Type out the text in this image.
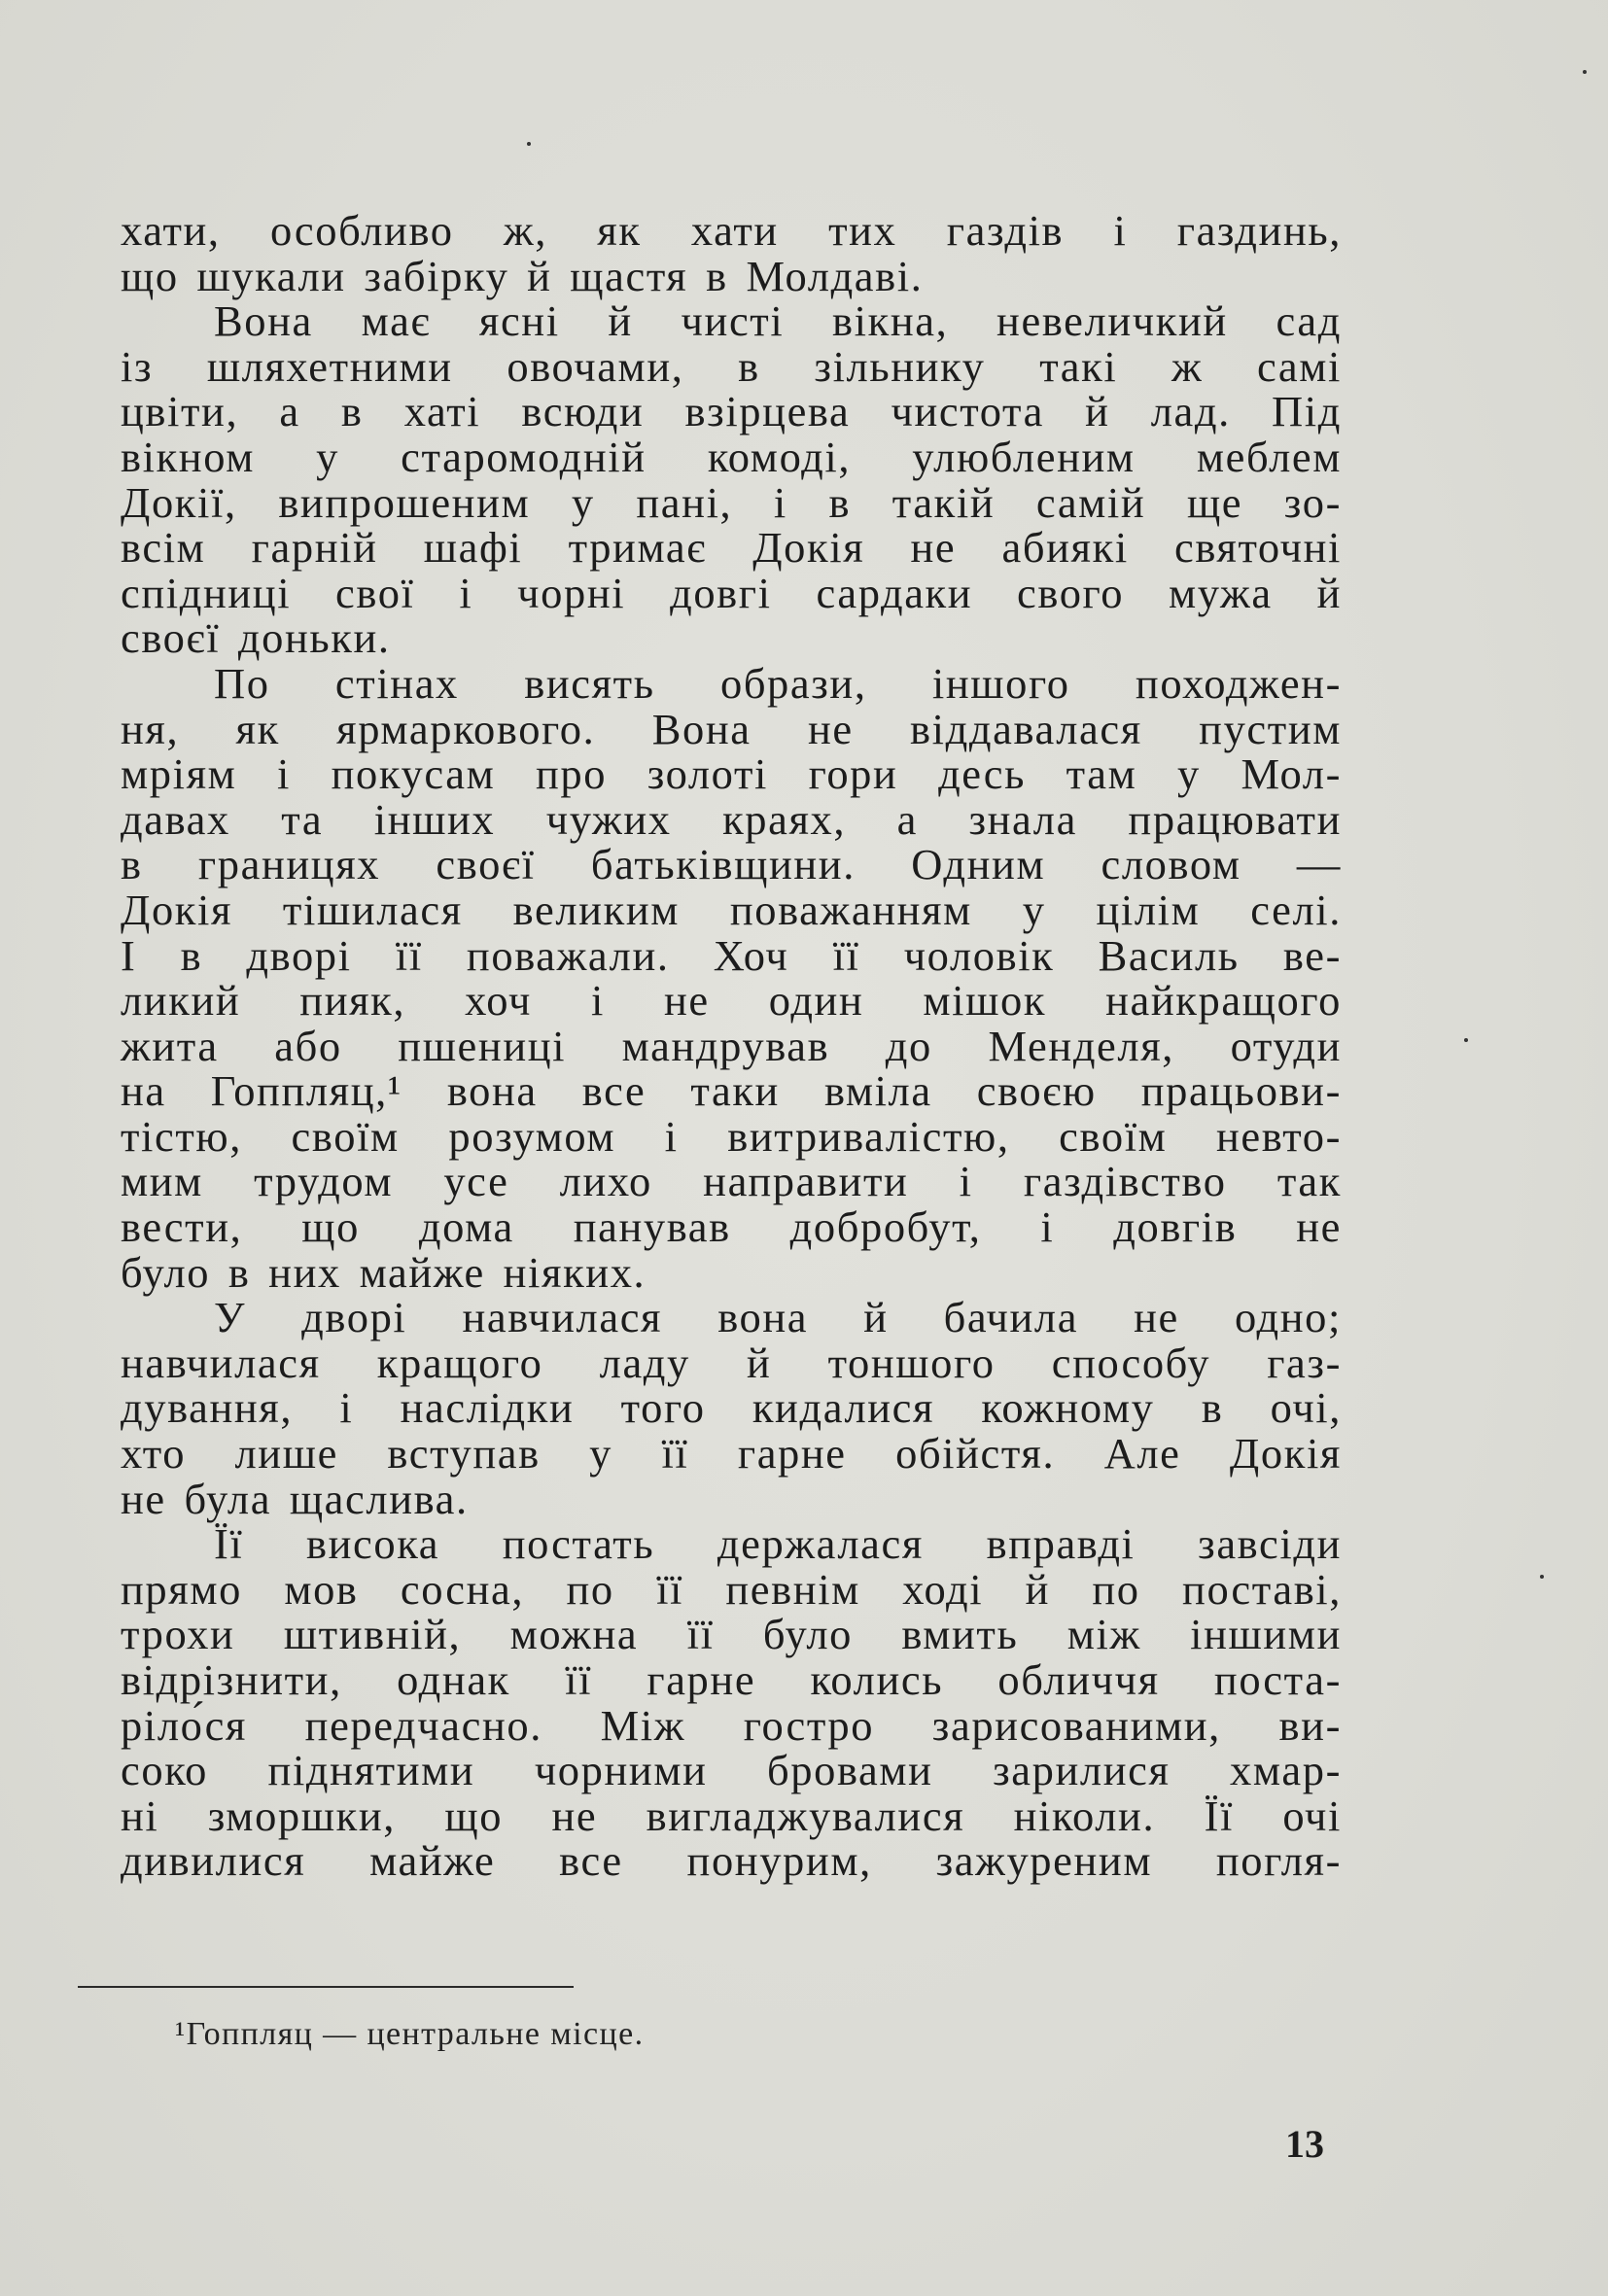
хати, особливо ж, як хати тих газдів і газдинь,
що шукали забірку й щастя в Молдаві.
Вона має ясні й чисті вікна, невеличкий сад
із шляхетними овочами, в зільнику такі ж самі
цвіти, а в хаті всюди взірцева чистота й лад. Під
вікном у старомодній комоді, улюбленим меблем
Докії, випрошеним у пані, і в такій самій ще зо-
всім гарній шафі тримає Докія не абиякі святочні
спідниці свої і чорні довгі сардаки свого мужа й
своєї доньки.
По стінах висять образи, іншого походжен-
ня, як ярмаркового. Вона не віддавалася пустим
мріям і покусам про золоті гори десь там у Мол-
давах та інших чужих краях, а знала працювати
в границях своєї батьківщини. Одним словом —
Докія тішилася великим поважанням у цілім селі.
І в дворі її поважали. Хоч її чоловік Василь ве-
ликий пияк, хоч і не один мішок найкращого
жита або пшениці мандрував до Менделя, отуди
на Гоппляц,¹ вона все таки вміла своєю працьови-
тістю, своїм розумом і витривалістю, своїм невто-
мим трудом усе лихо направити і газдівство так
вести, що дома панував добробут, і довгів не
було в них майже ніяких.
У дворі навчилася вона й бачила не одно;
навчилася кращого ладу й тоншого способу газ-
дування, і наслідки того кидалися кожному в очі,
хто лише вступав у її гарне обійстя. Але Докія
не була щаслива.
Її висока постать держалася вправді завсіди
прямо мов сосна, по її певнім ході й по поставі,
трохи штивній, можна її було вмить між іншими
відрізнити, однак її гарне колись обличчя поста-
ріло́ся передчасно. Між гостро зарисованими, ви-
соко піднятими чорними бровами зарилися хмар-
ні зморшки, що не вигладжувалися ніколи. Її очі
дивилися майже все понурим, зажуреним погля-
¹Гоппляц — центральне місце.
13
